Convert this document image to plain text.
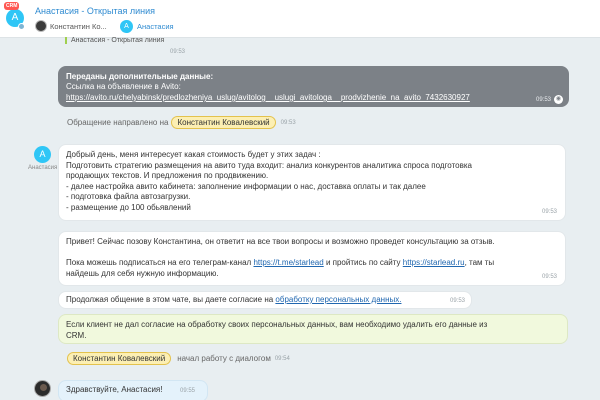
A
CRM Анастасия - Открытая линия
Константин Ко...	A	Анастасия
Анастасия - Открытая линия
09:53
Переданы дополнительные данные:
Ссылка на объявление в Avito:
https://avito.ru/chelyabinsk/predlozheniya_uslug/avitolog__uslugi_avitologa__prodvizhenie_na_avito_7432630927	09:53 ◉
Обращение направлено на	Константин Ковалевский	09:53
A
Анастасия
Добрый день, меня интересует какая стоимость будет у этих задач :
Подготовить стратегию размещения на авито туда входит: анализ конкурентов аналитика спроса подготовка
продающих текстов. И предложения по продвижению.
- далее настройка авито кабинета: заполнение информации о нас, доставка оплаты и так далее
- подготовка файла автозагрузки.
- размещение до 100 обьявлений
09:53
Привет! Сейчас позову Константина, он ответит на все твои вопросы и возможно проведет консультацию за отзыв.
Пока можешь подписаться на его телеграм-канал https://t.me/starlead и пройтись по сайту https://starlead.ru, там ты
найдешь для себя нужную информацию.	09:53
Продолжая общение в этом чате, вы даете согласие на обработку персональных данных.	09:53
Если клиент не дал согласие на обработку своих персональных данных, вам необходимо удалить его данные из
CRM.
Константин Ковалевский	начал работу с диалогом 09:54
Здравствуйте, Анастасия!	09:55
